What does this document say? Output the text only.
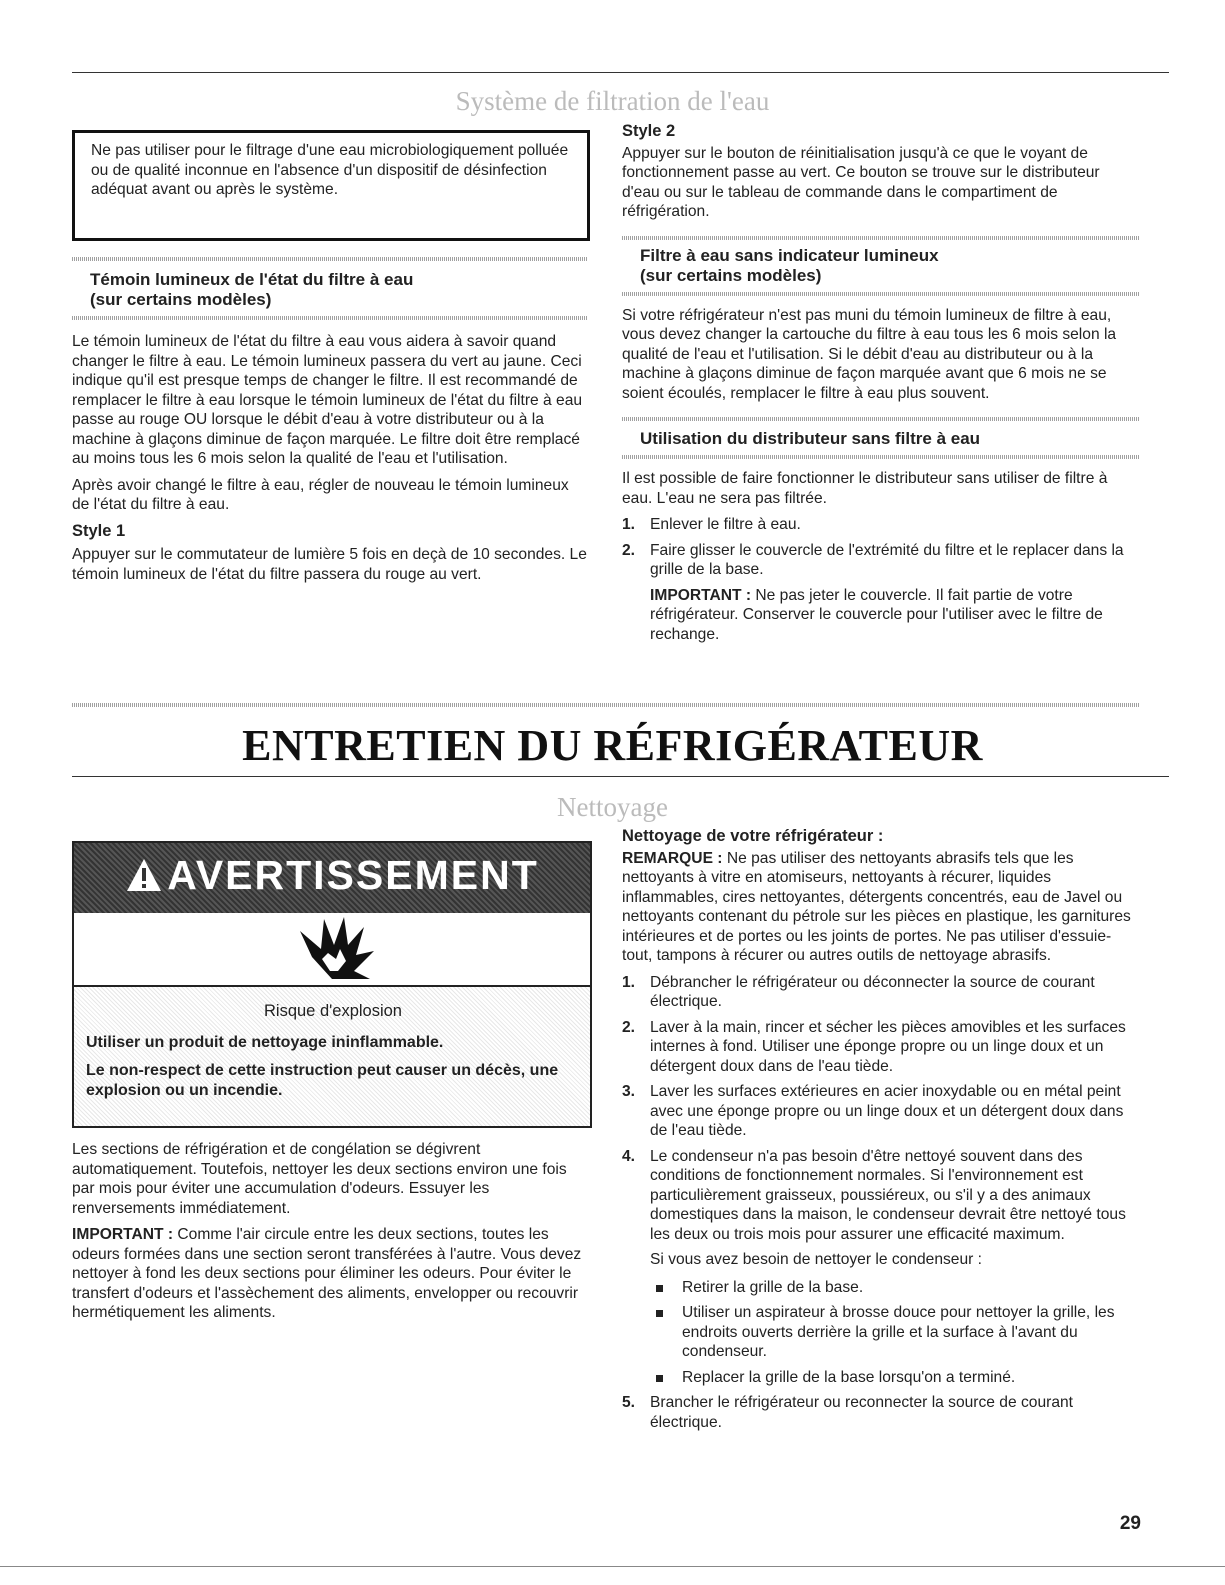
Système de filtration de l'eau
Ne pas utiliser pour le filtrage d'une eau microbiologiquement polluée ou de qualité inconnue en l'absence d'un dispositif de désinfection adéquat avant ou après le système.
Témoin lumineux de l'état du filtre à eau
(sur certains modèles)

Le témoin lumineux de l'état du filtre à eau vous aidera à savoir quand changer le filtre à eau. Le témoin lumineux passera du vert au jaune. Ceci indique qu'il est presque temps de changer le filtre. Il est recommandé de remplacer le filtre à eau lorsque le témoin lumineux de l'état du filtre à eau passe au rouge OU lorsque le débit d'eau à votre distributeur ou à la machine à glaçons diminue de façon marquée. Le filtre doit être remplacé au moins tous les 6 mois selon la qualité de l'eau et l'utilisation.

Après avoir changé le filtre à eau, régler de nouveau le témoin lumineux de l'état du filtre à eau.

Style 1

Appuyer sur le commutateur de lumière 5 fois en deçà de 10 secondes. Le témoin lumineux de l'état du filtre passera du rouge au vert.

Style 2

Appuyer sur le bouton de réinitialisation jusqu'à ce que le voyant de fonctionnement passe au vert. Ce bouton se trouve sur le distributeur d'eau ou sur le tableau de commande dans le compartiment de réfrigération.

Filtre à eau sans indicateur lumineux
(sur certains modèles)

Si votre réfrigérateur n'est pas muni du témoin lumineux de filtre à eau, vous devez changer la cartouche du filtre à eau tous les 6 mois selon la qualité de l'eau et l'utilisation. Si le débit d'eau au distributeur ou à la machine à glaçons diminue de façon marquée avant que 6 mois ne se soient écoulés, remplacer le filtre à eau plus souvent.

Utilisation du distributeur sans filtre à eau

Il est possible de faire fonctionner le distributeur sans utiliser de filtre à eau. L'eau ne sera pas filtrée.

1. Enlever le filtre à eau.
2. Faire glisser le couvercle de l'extrémité du filtre et le replacer dans la grille de la base.
IMPORTANT : Ne pas jeter le couvercle. Il fait partie de votre réfrigérateur. Conserver le couvercle pour l'utiliser avec le filtre de rechange.
ENTRETIEN DU RÉFRIGÉRATEUR
Nettoyage
AVERTISSEMENT
Risque d'explosion
Utiliser un produit de nettoyage ininflammable.
Le non-respect de cette instruction peut causer un décès, une explosion ou un incendie.

Les sections de réfrigération et de congélation se dégivrent automatiquement. Toutefois, nettoyer les deux sections environ une fois par mois pour éviter une accumulation d'odeurs. Essuyer les renversements immédiatement.

IMPORTANT : Comme l'air circule entre les deux sections, toutes les odeurs formées dans une section seront transférées à l'autre. Vous devez nettoyer à fond les deux sections pour éliminer les odeurs. Pour éviter le transfert d'odeurs et l'assèchement des aliments, envelopper ou recouvrir hermétiquement les aliments.

Nettoyage de votre réfrigérateur :

REMARQUE : Ne pas utiliser des nettoyants abrasifs tels que les nettoyants à vitre en atomiseurs, nettoyants à récurer, liquides inflammables, cires nettoyantes, détergents concentrés, eau de Javel ou nettoyants contenant du pétrole sur les pièces en plastique, les garnitures intérieures et de portes ou les joints de portes. Ne pas utiliser d'essuie-tout, tampons à récurer ou autres outils de nettoyage abrasifs.

1. Débrancher le réfrigérateur ou déconnecter la source de courant électrique.
2. Laver à la main, rincer et sécher les pièces amovibles et les surfaces internes à fond. Utiliser une éponge propre ou un linge doux et un détergent doux dans de l'eau tiède.
3. Laver les surfaces extérieures en acier inoxydable ou en métal peint avec une éponge propre ou un linge doux et un détergent doux dans de l'eau tiède.
4. Le condenseur n'a pas besoin d'être nettoyé souvent dans des conditions de fonctionnement normales. Si l'environnement est particulièrement graisseux, poussiéreux, ou s'il y a des animaux domestiques dans la maison, le condenseur devrait être nettoyé tous les deux ou trois mois pour assurer une efficacité maximum.
Si vous avez besoin de nettoyer le condenseur :
Retirer la grille de la base.
Utiliser un aspirateur à brosse douce pour nettoyer la grille, les endroits ouverts derrière la grille et la surface à l'avant du condenseur.
Replacer la grille de la base lorsqu'on a terminé.
5. Brancher le réfrigérateur ou reconnecter la source de courant électrique.
29
